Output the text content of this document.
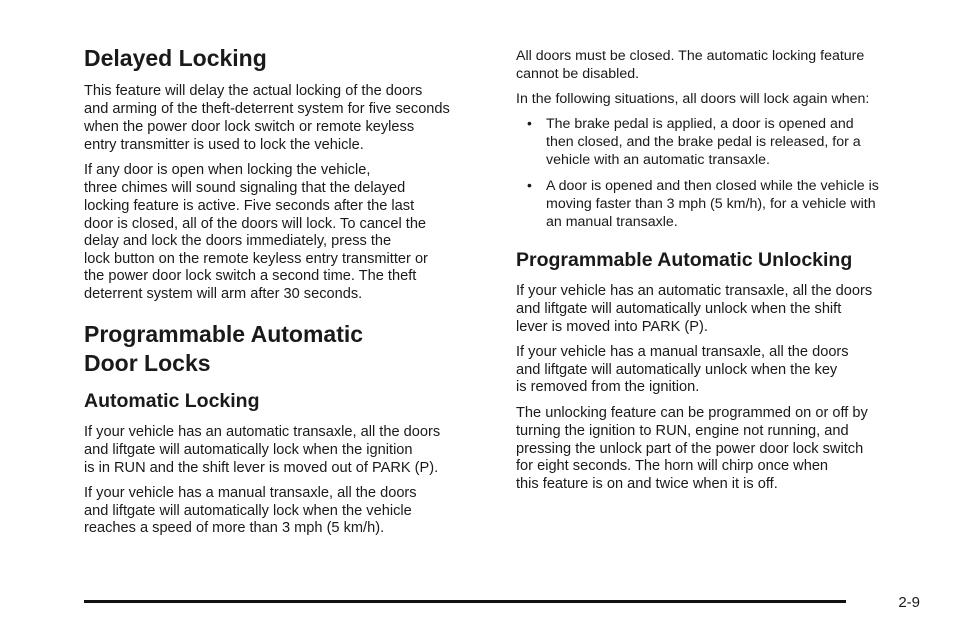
Delayed Locking
This feature will delay the actual locking of the doors
and arming of the theft-deterrent system for five seconds
when the power door lock switch or remote keyless
entry transmitter is used to lock the vehicle.
If any door is open when locking the vehicle,
three chimes will sound signaling that the delayed
locking feature is active. Five seconds after the last
door is closed, all of the doors will lock. To cancel the
delay and lock the doors immediately, press the
lock button on the remote keyless entry transmitter or
the power door lock switch a second time. The theft
deterrent system will arm after 30 seconds.
Programmable Automatic
Door Locks
Automatic Locking
If your vehicle has an automatic transaxle, all the doors
and liftgate will automatically lock when the ignition
is in RUN and the shift lever is moved out of PARK (P).
If your vehicle has a manual transaxle, all the doors
and liftgate will automatically lock when the vehicle
reaches a speed of more than 3 mph (5 km/h).
All doors must be closed. The automatic locking feature
cannot be disabled.
In the following situations, all doors will lock again when:
• The brake pedal is applied, a door is opened and
then closed, and the brake pedal is released, for a
vehicle with an automatic transaxle.
• A door is opened and then closed while the vehicle is
moving faster than 3 mph (5 km/h), for a vehicle with
an manual transaxle.
Programmable Automatic Unlocking
If your vehicle has an automatic transaxle, all the doors
and liftgate will automatically unlock when the shift
lever is moved into PARK (P).
If your vehicle has a manual transaxle, all the doors
and liftgate will automatically unlock when the key
is removed from the ignition.
The unlocking feature can be programmed on or off by
turning the ignition to RUN, engine not running, and
pressing the unlock part of the power door lock switch
for eight seconds. The horn will chirp once when
this feature is on and twice when it is off.
2-9
